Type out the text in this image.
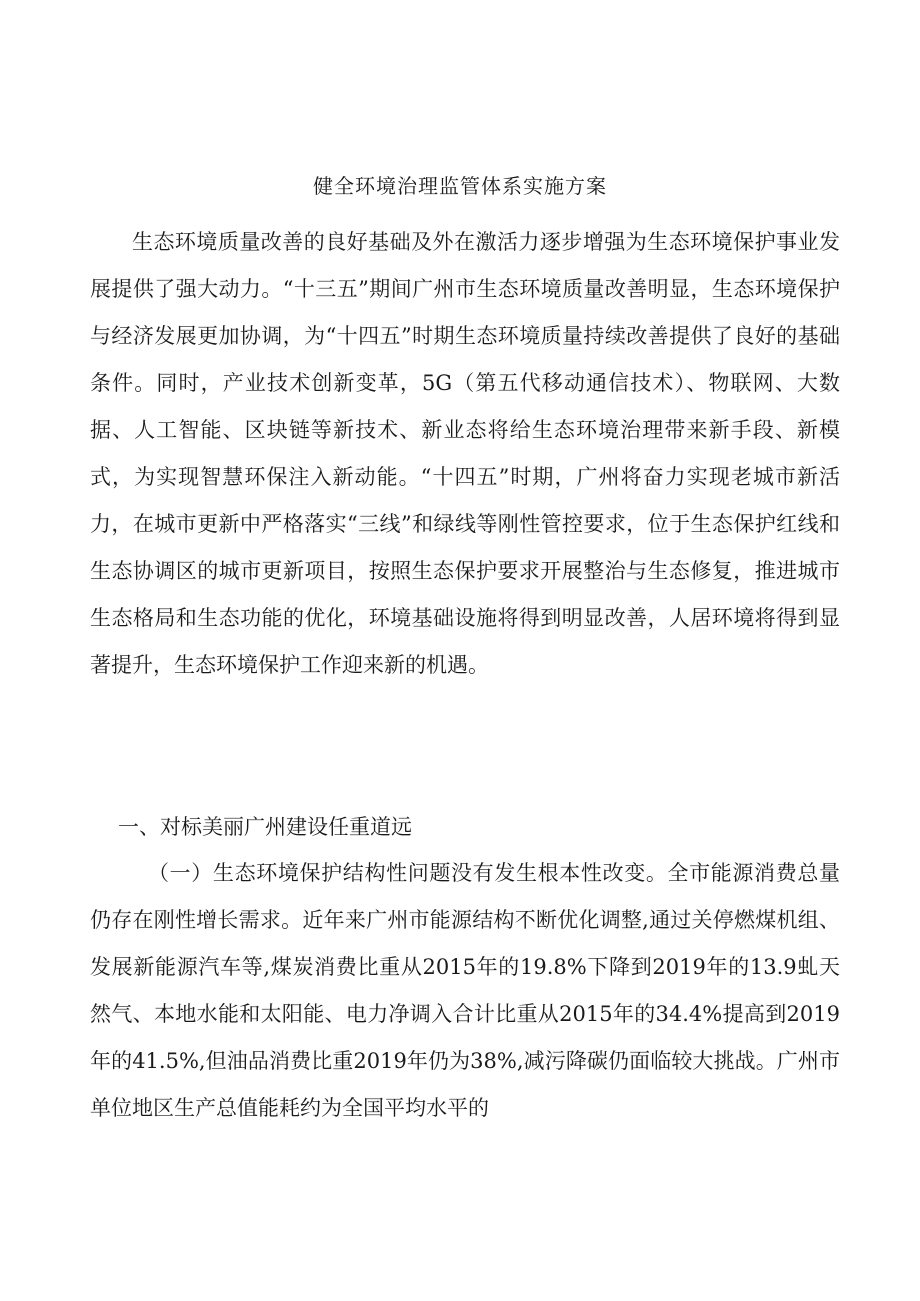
健全环境治理监管体系实施方案

生态环境质量改善的良好基础及外在激活力逐步增强为生态环境保护事业发展提供了强大动力。“十三五”期间广州市生态环境质量改善明显，生态环境保护与经济发展更加协调，为“十四五”时期生态环境质量持续改善提供了良好的基础条件。同时，产业技术创新变革，5G（第五代移动通信技术）、物联网、大数据、人工智能、区块链等新技术、新业态将给生态环境治理带来新手段、新模式，为实现智慧环保注入新动能。“十四五”时期，广州将奋力实现老城市新活力，在城市更新中严格落实“三线”和绿线等刚性管控要求，位于生态保护红线和生态协调区的城市更新项目，按照生态保护要求开展整治与生态修复，推进城市生态格局和生态功能的优化，环境基础设施将得到明显改善，人居环境将得到显著提升，生态环境保护工作迎来新的机遇。

一、对标美丽广州建设任重道远

（一）生态环境保护结构性问题没有发生根本性改变。全市能源消费总量仍存在刚性增长需求。近年来广州市能源结构不断优化调整,通过关停燃煤机组、发展新能源汽车等,煤炭消费比重从2015年的19.8%下降到2019年的13.9虬天然气、本地水能和太阳能、电力净调入合计比重从2015年的34.4%提高到2019年的41.5%,但油品消费比重2019年仍为38%,减污降碳仍面临较大挑战。广州市单位地区生产总值能耗约为全国平均水平的
